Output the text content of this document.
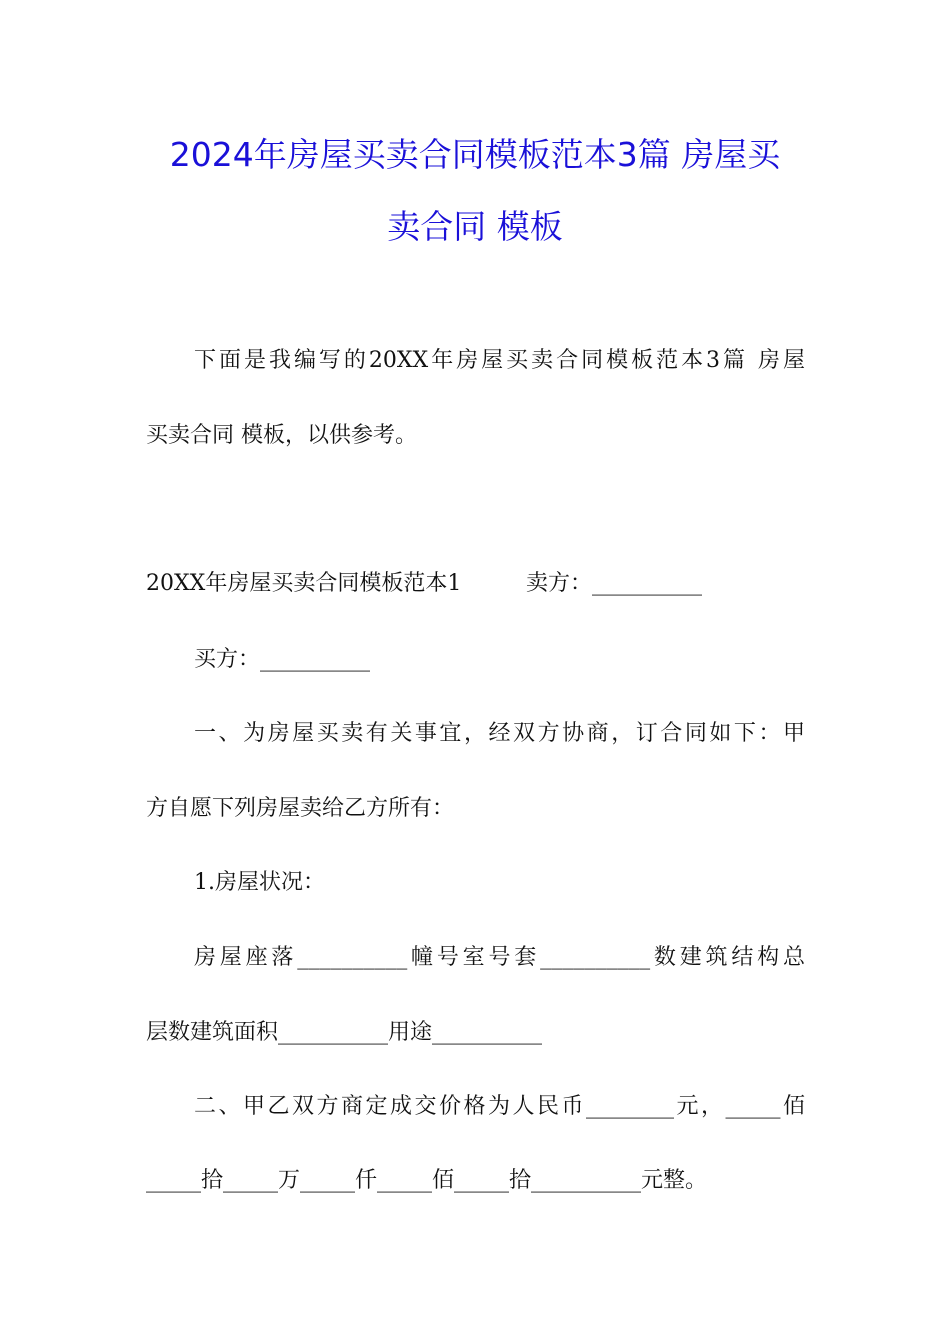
2024年房屋买卖合同模板范本3篇 房屋买
卖合同 模板
下面是我编写的20XX年房屋买卖合同模板范本3篇 房屋
买卖合同 模板，以供参考。
20XX年房屋买卖合同模板范本1	卖方：__________
买方：__________
一、为房屋买卖有关事宜，经双方协商，订合同如下：甲
方自愿下列房屋卖给乙方所有：
1.房屋状况：
房屋座落__________幢号室号套__________数建筑结构总
层数建筑面积__________用途__________
二、甲乙双方商定成交价格为人民币________元，_____佰
_____拾_____万_____仟_____佰_____拾__________元整。
